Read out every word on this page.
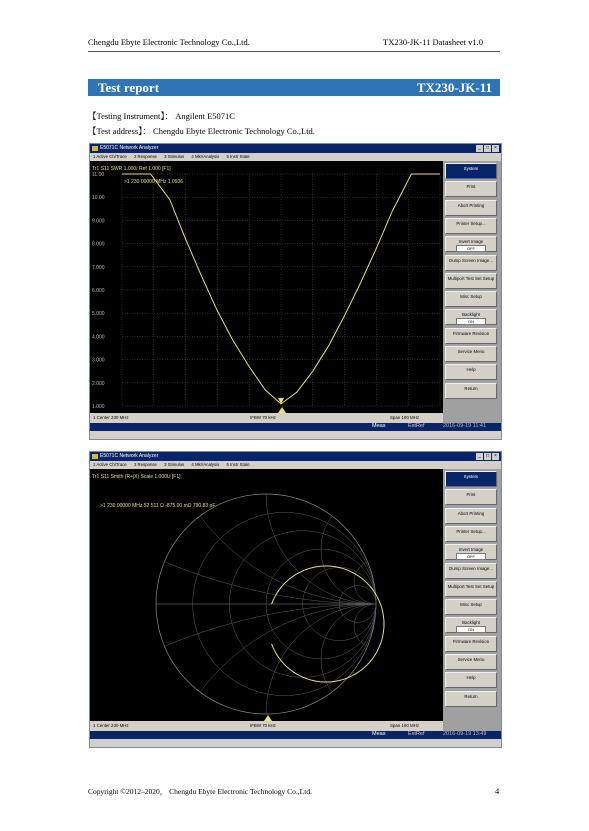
Chengdu Ebyte Electronic Technology Co.,Ltd.	TX230-JK-11 Datasheet v1.0
Test report	TX230-JK-11
【Testing Instrument】： Angilent E5071C
【Test address】： Chengdu Ebyte Electronic Technology Co.,Ltd.
E5071C Network Analyzer	_	□	×
1 Active Ch/Trace 2 Response 3 Stimulus 4 Mkr/Analysis 5 Instr State
11.00
10.00
9.000
8.000
7.000
6.000
5.000
4.000
3.000
2.000
1.000
Tr1 S11 SWR 1.000/ Ref 1.000 [F1]
>1 230.00000 MHz 1.0936
System
Print
Abort Printing
Printer Setup...
Invert Image
OFF
Dump Screen Image...
Multiport Test Set Setup
Misc Setup
Backlight
ON
Firmware Revision
Service Menu
Help
Return
1 Center 230 MHz	IFBW 70 kHz	Span 100 MHz
Meas	ExtRef	2016-09-19 11:41
E5071C Network Analyzer	_	□	×
1 Active Ch/Trace 2 Response 3 Stimulus 4 Mkr/Analysis 5 Instr State
Tr1 S11 Smith (R+jX) Scale 1.000U [F1]
>1 230.00000 MHz 52.511 Ω -875.00 mΩ 790.83 pF
System
Print
Abort Printing
Printer Setup...
Invert Image
OFF
Dump Screen Image...
Multiport Test Set Setup
Misc Setup
Backlight
ON
Firmware Revision
Service Menu
Help
Return
1 Center 230 MHz	IFBW 70 kHz	Span 100 MHz
Meas	ExtRef	2016-09-19 13:49
Copyright ©2012–2020， Chengdu Ebyte Electronic Technology Co.,Ltd.	4
